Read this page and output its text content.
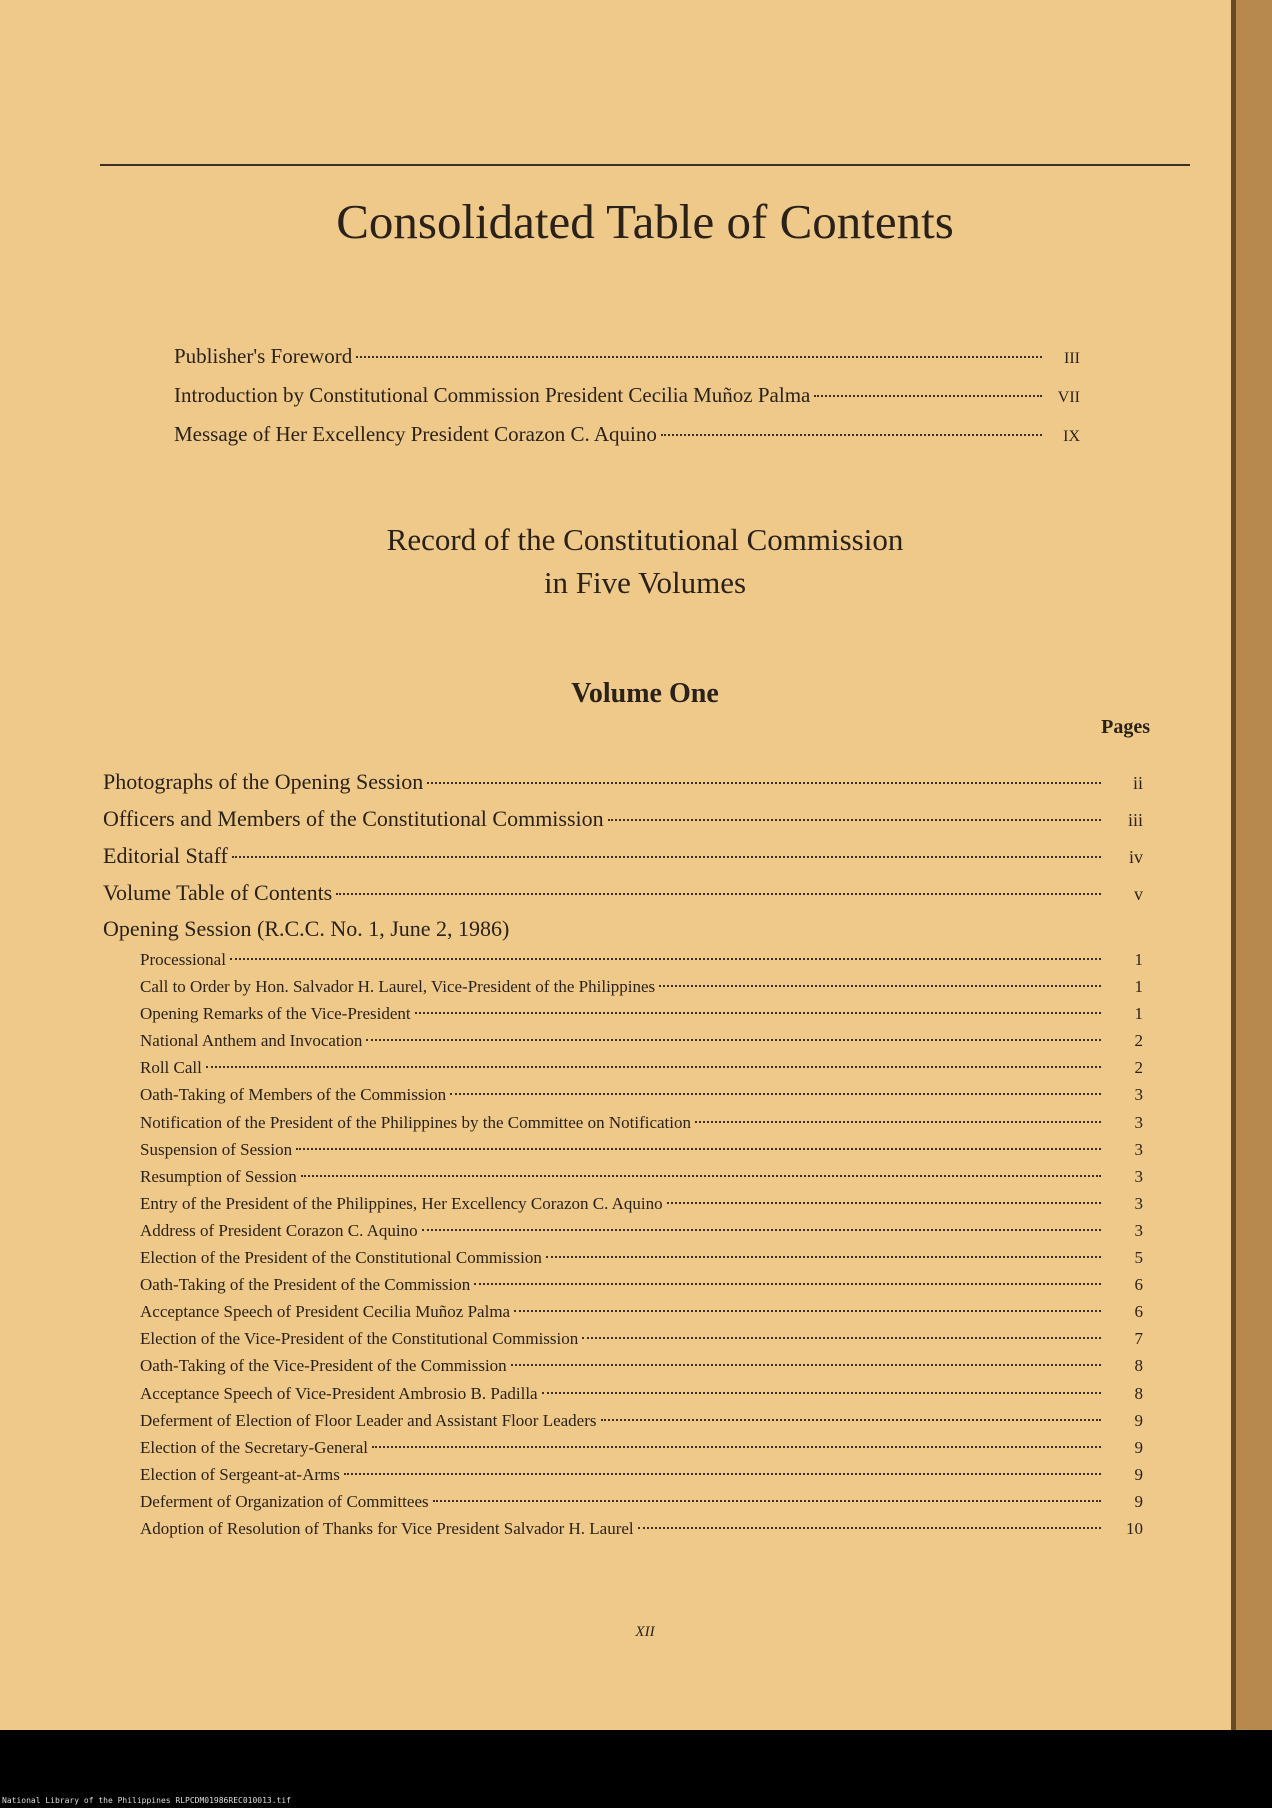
Consolidated Table of Contents
Publisher's Foreword	III
Introduction by Constitutional Commission President Cecilia Muñoz Palma	VII
Message of Her Excellency President Corazon C. Aquino	IX
Record of the Constitutional Commission
in Five Volumes
Volume One
Pages
Photographs of the Opening Session	ii
Officers and Members of the Constitutional Commission	iii
Editorial Staff	iv
Volume Table of Contents	v
Opening Session (R.C.C. No. 1, June 2, 1986)
Processional	1
Call to Order by Hon. Salvador H. Laurel, Vice-President of the Philippines	1
Opening Remarks of the Vice-President	1
National Anthem and Invocation	2
Roll Call	2
Oath-Taking of Members of the Commission	3
Notification of the President of the Philippines by the Committee on Notification	3
Suspension of Session	3
Resumption of Session	3
Entry of the President of the Philippines, Her Excellency Corazon C. Aquino	3
Address of President Corazon C. Aquino	3
Election of the President of the Constitutional Commission	5
Oath-Taking of the President of the Commission	6
Acceptance Speech of President Cecilia Muñoz Palma	6
Election of the Vice-President of the Constitutional Commission	7
Oath-Taking of the Vice-President of the Commission	8
Acceptance Speech of Vice-President Ambrosio B. Padilla	8
Deferment of Election of Floor Leader and Assistant Floor Leaders	9
Election of the Secretary-General	9
Election of Sergeant-at-Arms	9
Deferment of Organization of Committees	9
Adoption of Resolution of Thanks for Vice President Salvador H. Laurel	10
XII
National Library of the Philippines RLPCDM01986REC010013.tif
